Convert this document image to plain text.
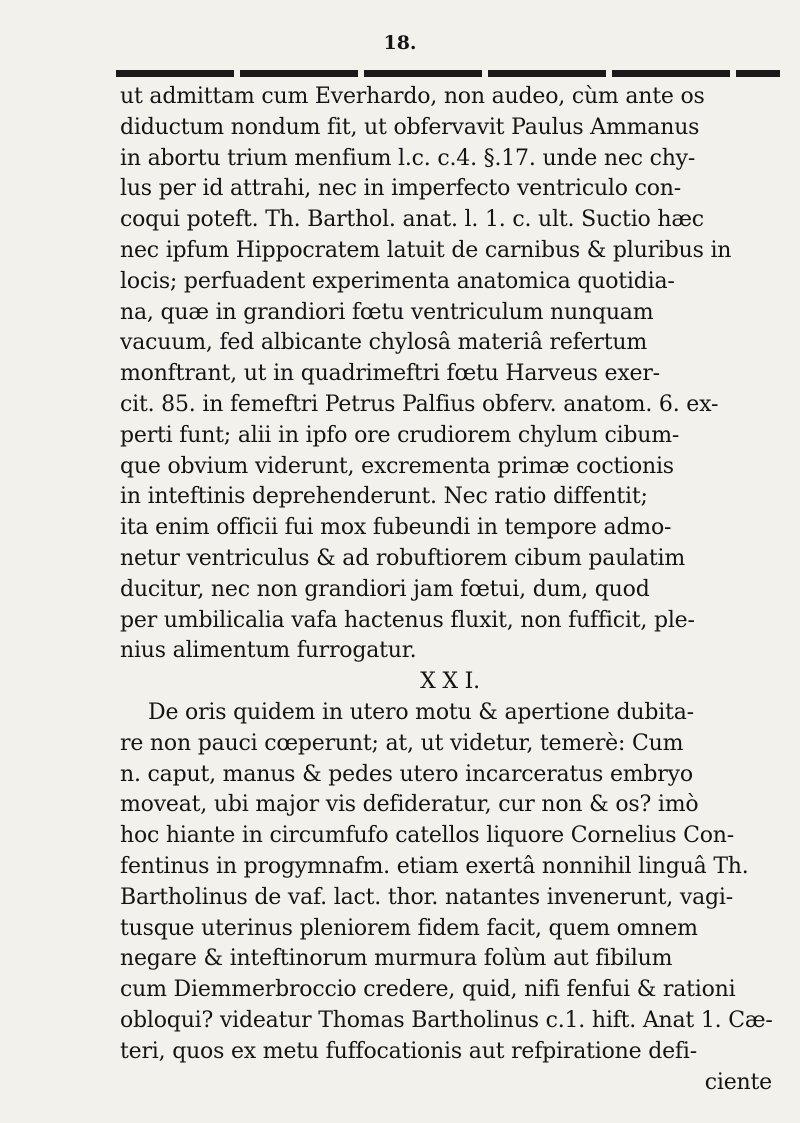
18.
ut admittam cum Everhardo, non audeo, cùm ante os
diductum nondum fit, ut obfervavit Paulus Ammanus
in abortu trium menfium l.c. c.4. §.17. unde nec chy-
lus per id attrahi, nec in imperfecto ventriculo con-
coqui poteft. Th. Barthol. anat. l. 1. c. ult. Suctio hæc
nec ipfum Hippocratem latuit de carnibus & pluribus in
locis; perfuadent experimenta anatomica quotidia-
na, quæ in grandiori fœtu ventriculum nunquam
vacuum, fed albicante chylosâ materiâ refertum
monftrant, ut in quadrimeftri fœtu Harveus exer-
cit. 85. in femeftri Petrus Palfius obferv. anatom. 6. ex-
perti funt; alii in ipfo ore crudiorem chylum cibum-
que obvium viderunt, excrementa primæ coctionis
in inteftinis deprehenderunt. Nec ratio diffentit;
ita enim officii fui mox fubeundi in tempore admo-
netur ventriculus & ad robuftiorem cibum paulatim
ducitur, nec non grandiori jam fœtui, dum, quod
per umbilicalia vafa hactenus fluxit, non fufficit, ple-
nius alimentum furrogatur.
X X I.
De oris quidem in utero motu & apertione dubita-
re non pauci cœperunt; at, ut videtur, temerè: Cum
n. caput, manus & pedes utero incarceratus embryo
moveat, ubi major vis defideratur, cur non & os? imò
hoc hiante in circumfufo catellos liquore Cornelius Con-
fentinus in progymnafm. etiam exertâ nonnihil linguâ Th.
Bartholinus de vaf. lact. thor. natantes invenerunt, vagi-
tusque uterinus pleniorem fidem facit, quem omnem
negare & inteftinorum murmura folùm aut fibilum
cum Diemmerbroccio credere, quid, nifi fenfui & rationi
obloqui? videatur Thomas Bartholinus c.1. hift. Anat 1. Cæ-
teri, quos ex metu fuffocationis aut refpiratione defi-
ciente
